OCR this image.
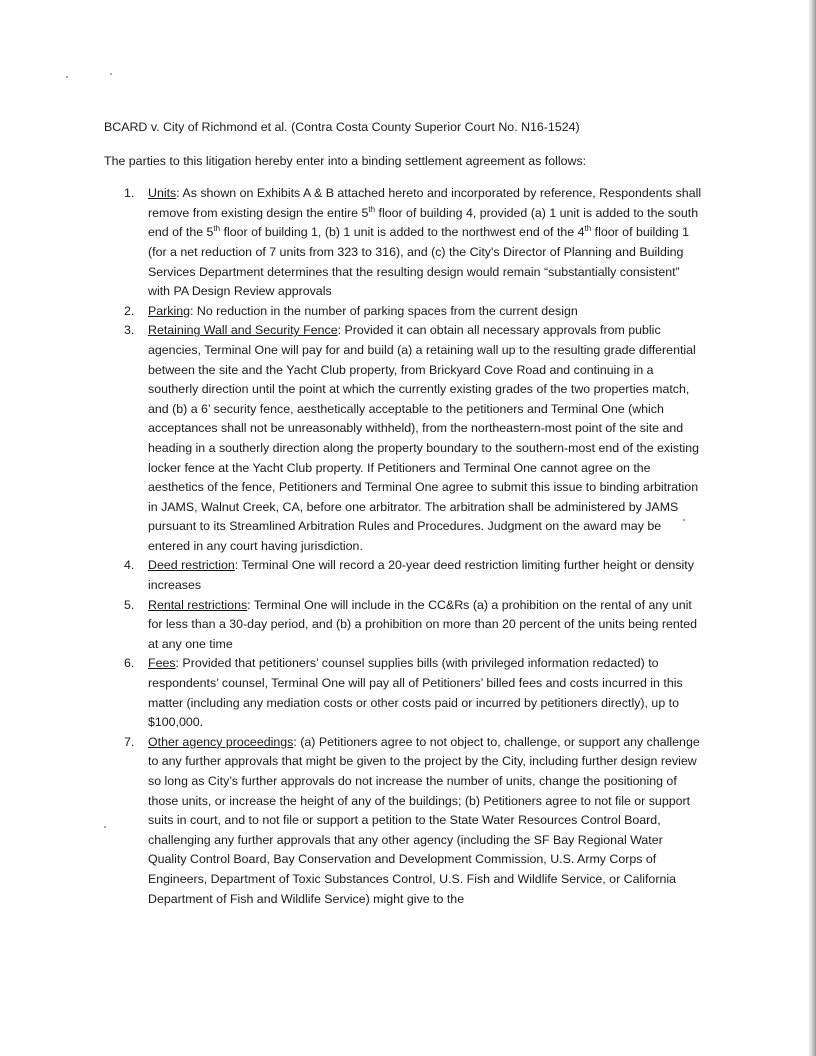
BCARD v. City of Richmond et al. (Contra Costa County Superior Court No. N16-1524)

The parties to this litigation hereby enter into a binding settlement agreement as follows:

1. Units: As shown on Exhibits A & B attached hereto and incorporated by reference, Respondents shall remove from existing design the entire 5th floor of building 4, provided (a) 1 unit is added to the south end of the 5th floor of building 1, (b) 1 unit is added to the northwest end of the 4th floor of building 1 (for a net reduction of 7 units from 323 to 316), and (c) the City's Director of Planning and Building Services Department determines that the resulting design would remain “substantially consistent” with PA Design Review approvals
2. Parking: No reduction in the number of parking spaces from the current design
3. Retaining Wall and Security Fence: Provided it can obtain all necessary approvals from public agencies, Terminal One will pay for and build (a) a retaining wall up to the resulting grade differential between the site and the Yacht Club property, from Brickyard Cove Road and continuing in a southerly direction until the point at which the currently existing grades of the two properties match, and (b) a 6’ security fence, aesthetically acceptable to the petitioners and Terminal One (which acceptances shall not be unreasonably withheld), from the northeastern-most point of the site and heading in a southerly direction along the property boundary to the southern-most end of the existing locker fence at the Yacht Club property. If Petitioners and Terminal One cannot agree on the aesthetics of the fence, Petitioners and Terminal One agree to submit this issue to binding arbitration in JAMS, Walnut Creek, CA, before one arbitrator. The arbitration shall be administered by JAMS pursuant to its Streamlined Arbitration Rules and Procedures. Judgment on the award may be entered in any court having jurisdiction.
4. Deed restriction: Terminal One will record a 20-year deed restriction limiting further height or density increases
5. Rental restrictions: Terminal One will include in the CC&Rs (a) a prohibition on the rental of any unit for less than a 30-day period, and (b) a prohibition on more than 20 percent of the units being rented at any one time
6. Fees: Provided that petitioners’ counsel supplies bills (with privileged information redacted) to respondents’ counsel, Terminal One will pay all of Petitioners’ billed fees and costs incurred in this matter (including any mediation costs or other costs paid or incurred by petitioners directly), up to $100,000.
7. Other agency proceedings: (a) Petitioners agree to not object to, challenge, or support any challenge to any further approvals that might be given to the project by the City, including further design review so long as City’s further approvals do not increase the number of units, change the positioning of those units, or increase the height of any of the buildings; (b) Petitioners agree to not file or support suits in court, and to not file or support a petition to the State Water Resources Control Board, challenging any further approvals that any other agency (including the SF Bay Regional Water Quality Control Board, Bay Conservation and Development Commission, U.S. Army Corps of Engineers, Department of Toxic Substances Control, U.S. Fish and Wildlife Service, or California Department of Fish and Wildlife Service) might give to the
